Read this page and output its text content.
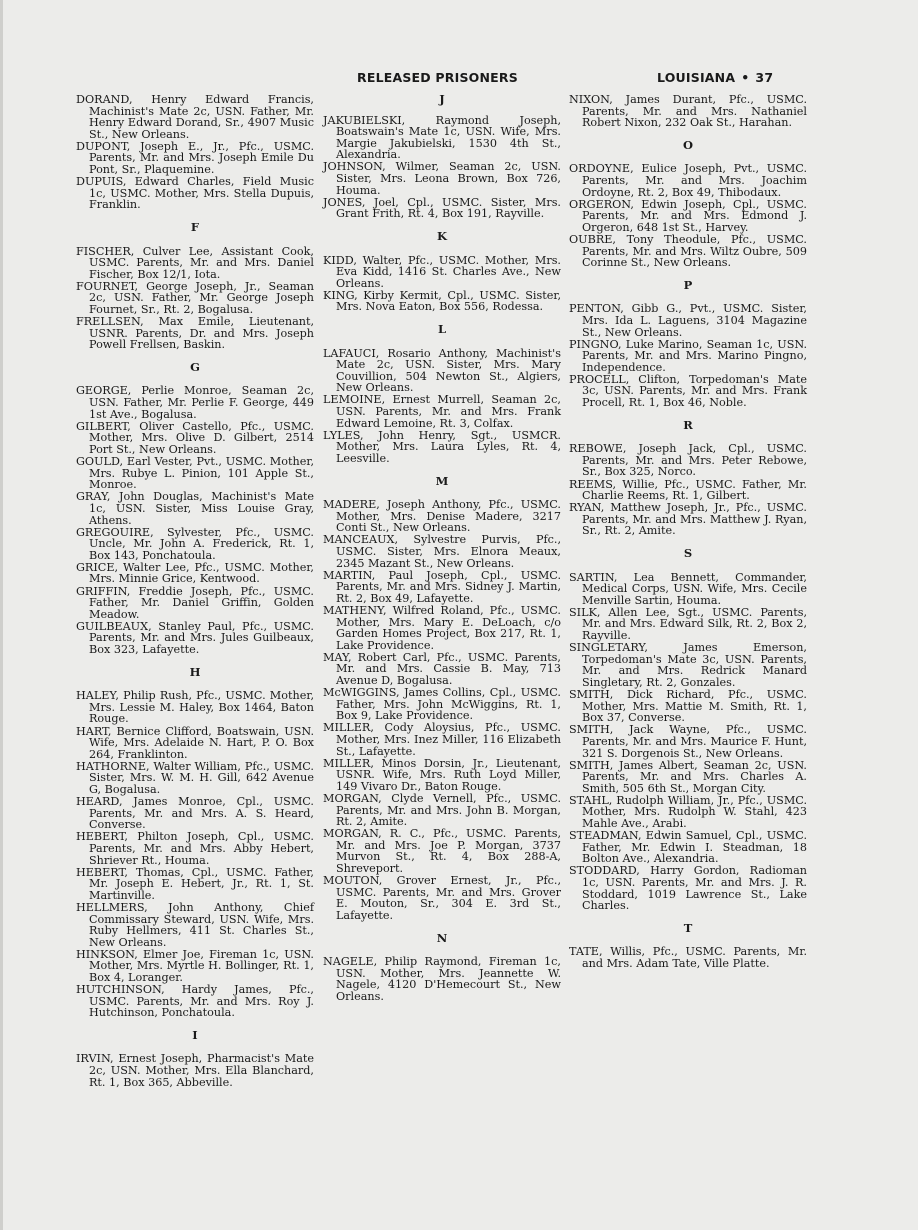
RELEASED PRISONERS	LOUISIANA • 37
DORAND, Henry Edward Francis, Machinist's Mate 2c, USN. Father, Mr. Henry Edward Dorand, Sr., 4907 Music St., New Orleans.
DUPONT, Joseph E., Jr., Pfc., USMC. Parents, Mr. and Mrs. Joseph Emile Du Pont, Sr., Plaquemine.
DUPUIS, Edward Charles, Field Music 1c, USMC. Mother, Mrs. Stella Dupuis, Franklin.
F
FISCHER, Culver Lee, Assistant Cook, USMC. Parents, Mr. and Mrs. Daniel Fischer, Box 12/1, Iota.
FOURNET, George Joseph, Jr., Seaman 2c, USN. Father, Mr. George Joseph Fournet, Sr., Rt. 2, Bogalusa.
FRELLSEN, Max Emile, Lieutenant, USNR. Parents, Dr. and Mrs. Joseph Powell Frellsen, Baskin.
G
GEORGE, Perlie Monroe, Seaman 2c, USN. Father, Mr. Perlie F. George, 449 1st Ave., Bogalusa.
GILBERT, Oliver Castello, Pfc., USMC. Mother, Mrs. Olive D. Gilbert, 2514 Port St., New Orleans.
GOULD, Earl Vester, Pvt., USMC. Mother, Mrs. Rubye L. Pinion, 101 Apple St., Monroe.
GRAY, John Douglas, Machinist's Mate 1c, USN. Sister, Miss Louise Gray, Athens.
GREGOUIRE, Sylvester, Pfc., USMC. Uncle, Mr. John A. Frederick, Rt. 1, Box 143, Ponchatoula.
GRICE, Walter Lee, Pfc., USMC. Mother, Mrs. Minnie Grice, Kentwood.
GRIFFIN, Freddie Joseph, Pfc., USMC. Father, Mr. Daniel Griffin, Golden Meadow.
GUILBEAUX, Stanley Paul, Pfc., USMC. Parents, Mr. and Mrs. Jules Guilbeaux, Box 323, Lafayette.
H
HALEY, Philip Rush, Pfc., USMC. Mother, Mrs. Lessie M. Haley, Box 1464, Baton Rouge.
HART, Bernice Clifford, Boatswain, USN. Wife, Mrs. Adelaide N. Hart, P. O. Box 264, Franklinton.
HATHORNE, Walter William, Pfc., USMC. Sister, Mrs. W. M. H. Gill, 642 Avenue G, Bogalusa.
HEARD, James Monroe, Cpl., USMC. Parents, Mr. and Mrs. A. S. Heard, Converse.
HEBERT, Philton Joseph, Cpl., USMC. Parents, Mr. and Mrs. Abby Hebert, Shriever Rt., Houma.
HEBERT, Thomas, Cpl., USMC. Father, Mr. Joseph E. Hebert, Jr., Rt. 1, St. Martinville.
HELLMERS, John Anthony, Chief Commissary Steward, USN. Wife, Mrs. Ruby Hellmers, 411 St. Charles St., New Orleans.
HINKSON, Elmer Joe, Fireman 1c, USN. Mother, Mrs. Myrtle H. Bollinger, Rt. 1, Box 4, Loranger.
HUTCHINSON, Hardy James, Pfc., USMC. Parents, Mr. and Mrs. Roy J. Hutchinson, Ponchatoula.
I
IRVIN, Ernest Joseph, Pharmacist's Mate 2c, USN. Mother, Mrs. Ella Blanchard, Rt. 1, Box 365, Abbeville.
J
JAKUBIELSKI, Raymond Joseph, Boatswain's Mate 1c, USN. Wife, Mrs. Margie Jakubielski, 1530 4th St., Alexandria.
JOHNSON, Wilmer, Seaman 2c, USN. Sister, Mrs. Leona Brown, Box 726, Houma.
JONES, Joel, Cpl., USMC. Sister, Mrs. Grant Frith, Rt. 4, Box 191, Rayville.
K
KIDD, Walter, Pfc., USMC. Mother, Mrs. Eva Kidd, 1416 St. Charles Ave., New Orleans.
KING, Kirby Kermit, Cpl., USMC. Sister, Mrs. Nova Eaton, Box 556, Rodessa.
L
LAFAUCI, Rosario Anthony, Machinist's Mate 2c, USN. Sister, Mrs. Mary Couvillion, 504 Newton St., Algiers, New Orleans.
LEMOINE, Ernest Murrell, Seaman 2c, USN. Parents, Mr. and Mrs. Frank Edward Lemoine, Rt. 3, Colfax.
LYLES, John Henry, Sgt., USMCR. Mother, Mrs. Laura Lyles, Rt. 4, Leesville.
M
MADERE, Joseph Anthony, Pfc., USMC. Mother, Mrs. Denise Madere, 3217 Conti St., New Orleans.
MANCEAUX, Sylvestre Purvis, Pfc., USMC. Sister, Mrs. Elnora Meaux, 2345 Mazant St., New Orleans.
MARTIN, Paul Joseph, Cpl., USMC. Parents, Mr. and Mrs. Sidney J. Martin, Rt. 2, Box 49, Lafayette.
MATHENY, Wilfred Roland, Pfc., USMC. Mother, Mrs. Mary E. DeLoach, c/o Garden Homes Project, Box 217, Rt. 1, Lake Providence.
MAY, Robert Carl, Pfc., USMC. Parents, Mr. and Mrs. Cassie B. May, 713 Avenue D, Bogalusa.
McWIGGINS, James Collins, Cpl., USMC. Father, Mrs. John McWiggins, Rt. 1, Box 9, Lake Providence.
MILLER, Cody Aloysius, Pfc., USMC. Mother, Mrs. Inez Miller, 116 Elizabeth St., Lafayette.
MILLER, Minos Dorsin, Jr., Lieutenant, USNR. Wife, Mrs. Ruth Loyd Miller, 149 Vivaro Dr., Baton Rouge.
MORGAN, Clyde Vernell, Pfc., USMC. Parents, Mr. and Mrs. John B. Morgan, Rt. 2, Amite.
MORGAN, R. C., Pfc., USMC. Parents, Mr. and Mrs. Joe P. Morgan, 3737 Murvon St., Rt. 4, Box 288-A, Shreveport.
MOUTON, Grover Ernest, Jr., Pfc., USMC. Parents, Mr. and Mrs. Grover E. Mouton, Sr., 304 E. 3rd St., Lafayette.
N
NAGELE, Philip Raymond, Fireman 1c, USN. Mother, Mrs. Jeannette W. Nagele, 4120 D'Hemecourt St., New Orleans.
NIXON, James Durant, Pfc., USMC. Parents, Mr. and Mrs. Nathaniel Robert Nixon, 232 Oak St., Harahan.
O
ORDOYNE, Eulice Joseph, Pvt., USMC. Parents, Mr. and Mrs. Joachim Ordoyne, Rt. 2, Box 49, Thibodaux.
ORGERON, Edwin Joseph, Cpl., USMC. Parents, Mr. and Mrs. Edmond J. Orgeron, 648 1st St., Harvey.
OUBRE, Tony Theodule, Pfc., USMC. Parents, Mr. and Mrs. Wiltz Oubre, 509 Corinne St., New Orleans.
P
PENTON, Gibb G., Pvt., USMC. Sister, Mrs. Ida L. Laguens, 3104 Magazine St., New Orleans.
PINGNO, Luke Marino, Seaman 1c, USN. Parents, Mr. and Mrs. Marino Pingno, Independence.
PROCELL, Clifton, Torpedoman's Mate 3c, USN. Parents, Mr. and Mrs. Frank Procell, Rt. 1, Box 46, Noble.
R
REBOWE, Joseph Jack, Cpl., USMC. Parents, Mr. and Mrs. Peter Rebowe, Sr., Box 325, Norco.
REEMS, Willie, Pfc., USMC. Father, Mr. Charlie Reems, Rt. 1, Gilbert.
RYAN, Matthew Joseph, Jr., Pfc., USMC. Parents, Mr. and Mrs. Matthew J. Ryan, Sr., Rt. 2, Amite.
S
SARTIN, Lea Bennett, Commander, Medical Corps, USN. Wife, Mrs. Cecile Menville Sartin, Houma.
SILK, Allen Lee, Sgt., USMC. Parents, Mr. and Mrs. Edward Silk, Rt. 2, Box 2, Rayville.
SINGLETARY, James Emerson, Torpedoman's Mate 3c, USN. Parents, Mr. and Mrs. Redrick Manard Singletary, Rt. 2, Gonzales.
SMITH, Dick Richard, Pfc., USMC. Mother, Mrs. Mattie M. Smith, Rt. 1, Box 37, Converse.
SMITH, Jack Wayne, Pfc., USMC. Parents, Mr. and Mrs. Maurice F. Hunt, 321 S. Dorgenois St., New Orleans.
SMITH, James Albert, Seaman 2c, USN. Parents, Mr. and Mrs. Charles A. Smith, 505 6th St., Morgan City.
STAHL, Rudolph William, Jr., Pfc., USMC. Mother, Mrs. Rudolph W. Stahl, 423 Mahle Ave., Arabi.
STEADMAN, Edwin Samuel, Cpl., USMC. Father, Mr. Edwin I. Steadman, 18 Bolton Ave., Alexandria.
STODDARD, Harry Gordon, Radioman 1c, USN. Parents, Mr. and Mrs. J. R. Stoddard, 1019 Lawrence St., Lake Charles.
T
TATE, Willis, Pfc., USMC. Parents, Mr. and Mrs. Adam Tate, Ville Platte.
